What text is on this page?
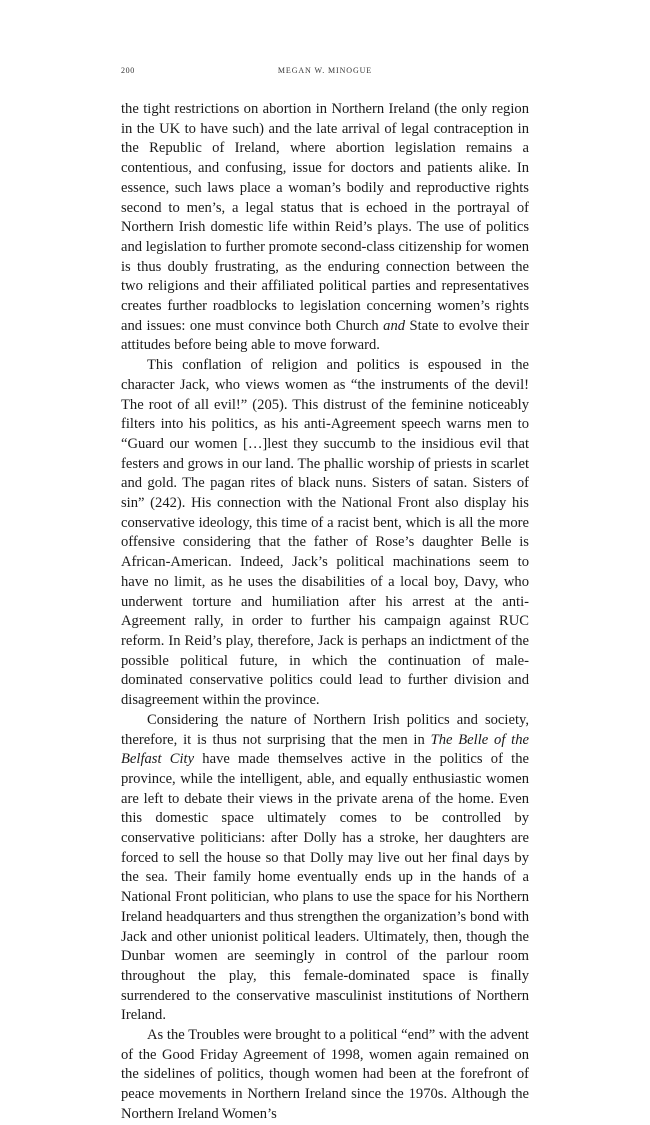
200	MEGAN W. MINOGUE

the tight restrictions on abortion in Northern Ireland (the only region in the UK to have such) and the late arrival of legal contraception in the Republic of Ireland, where abortion legislation remains a contentious, and confusing, issue for doctors and patients alike. In essence, such laws place a woman’s bodily and reproductive rights second to men’s, a legal status that is echoed in the portrayal of Northern Irish domestic life within Reid’s plays. The use of politics and legislation to further promote second-class citizenship for women is thus doubly frustrating, as the enduring connection between the two religions and their affiliated political parties and representatives creates further roadblocks to legislation concerning women’s rights and issues: one must convince both Church and State to evolve their attitudes before being able to move forward.

This conflation of religion and politics is espoused in the character Jack, who views women as “the instruments of the devil! The root of all evil!” (205). This distrust of the feminine noticeably filters into his politics, as his anti-Agreement speech warns men to “Guard our women […]lest they succumb to the insidious evil that festers and grows in our land. The phallic worship of priests in scarlet and gold. The pagan rites of black nuns. Sisters of satan. Sisters of sin” (242). His connection with the National Front also display his conservative ideology, this time of a racist bent, which is all the more offensive considering that the father of Rose’s daughter Belle is African-American. Indeed, Jack’s political machinations seem to have no limit, as he uses the disabilities of a local boy, Davy, who underwent torture and humiliation after his arrest at the anti-Agreement rally, in order to further his campaign against RUC reform. In Reid’s play, therefore, Jack is perhaps an indictment of the possible political future, in which the continuation of male-dominated conservative politics could lead to further division and disagreement within the province.

Considering the nature of Northern Irish politics and society, therefore, it is thus not surprising that the men in The Belle of the Belfast City have made themselves active in the politics of the province, while the intelligent, able, and equally enthusiastic women are left to debate their views in the private arena of the home. Even this domestic space ultimately comes to be controlled by conservative politicians: after Dolly has a stroke, her daughters are forced to sell the house so that Dolly may live out her final days by the sea. Their family home eventually ends up in the hands of a National Front politician, who plans to use the space for his Northern Ireland headquarters and thus strengthen the organization’s bond with Jack and other unionist political leaders. Ultimately, then, though the Dunbar women are seemingly in control of the parlour room throughout the play, this female-dominated space is finally surrendered to the conservative masculinist institutions of Northern Ireland.

As the Troubles were brought to a political “end” with the advent of the Good Friday Agreement of 1998, women again remained on the sidelines of politics, though women had been at the forefront of peace movements in Northern Ireland since the 1970s. Although the Northern Ireland Women’s
